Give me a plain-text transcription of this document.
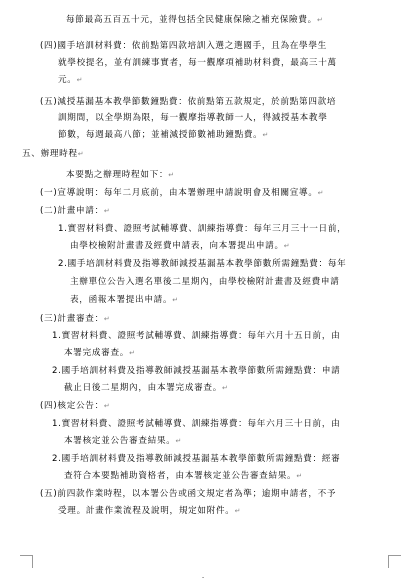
每節最高五百五十元，並得包括全民健康保險之補充保險費。↵
(四)國手培訓材料費：依前點第四款培訓入選之選國手，且為在學學生
就學校提名，並有訓練事實者，每一觀摩項補助材料費，最高三十萬
元。↵
(五)減授基漏基本教學節數鐘點費：依前點第五款規定，於前點第四款培
訓期間，以全學期為限，每一觀摩指導教師一人，得減授基本教學
節數，每週最高八節；並補減授節數補助鐘點費。↵
五、辦理時程↵
本要點之辦理時程如下：↵
(一)宣導說明：每年二月底前，由本署辦理申請說明會及相關宣導。↵
(二)計畫申請：↵
1.實習材料費、證照考試輔導費、訓練指導費：每年三月三十一日前，
由學校檢附計畫書及經費申請表，向本署提出申請。↵
2.國手培訓材料費及指導教師減授基漏基本教學節數所需鐘點費：每年
主辦單位公告入選名單後二星期內，由學校檢附計畫書及經費申請
表，函報本署提出申請。↵
(三)計畫審查：↵
1.實習材料費、證照考試輔導費、訓練指導費：每年六月十五日前，由
本署完成審查。↵
2.國手培訓材料費及指導教師減授基漏基本教學節數所需鐘點費：申請
截止日後二星期內，由本署完成審查。↵
(四)核定公告：↵
1.實習材料費、證照考試輔導費、訓練指導費：每年六月三十日前，由
本署核定並公告審查結果。↵
2.國手培訓材料費及指導教師減授基漏基本教學節數所需鐘點費：經審
查符合本要點補助資格者，由本署核定並公告審查結果。↵
(五)前四款作業時程，以本署公告或函文規定者為準；逾期申請者，不予
受理。計畫作業流程及說明，規定如附件。↵
-
